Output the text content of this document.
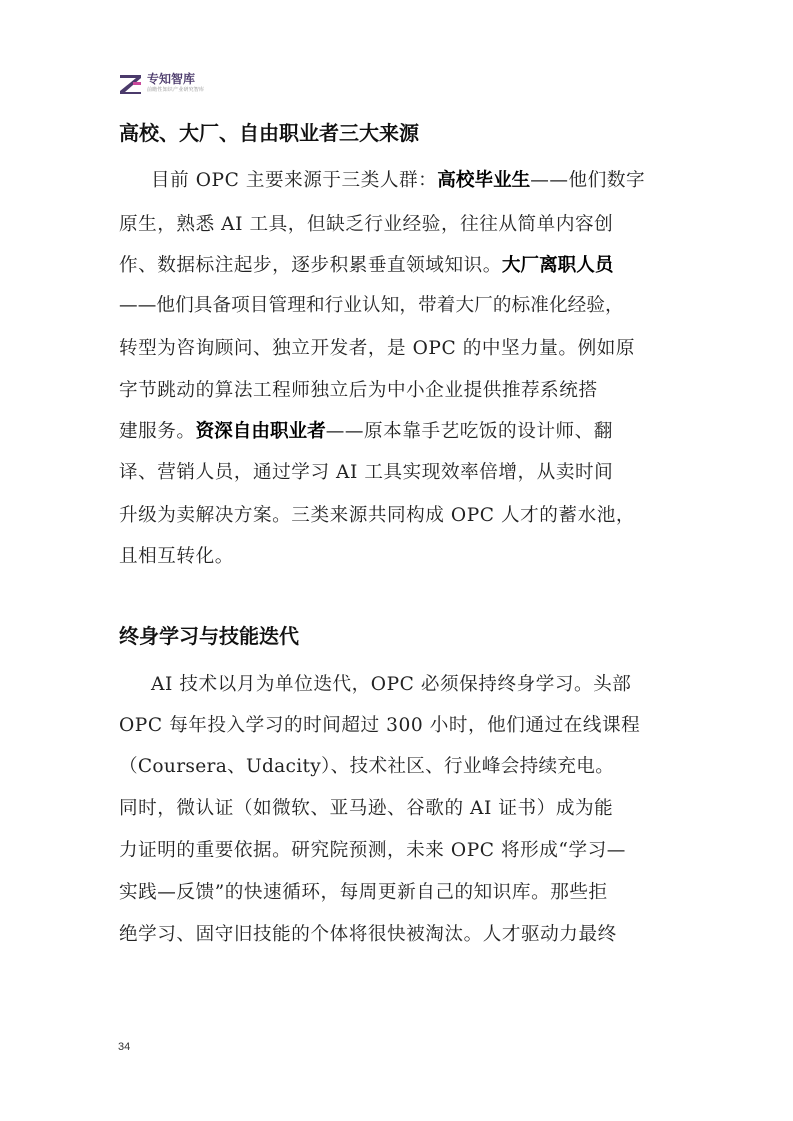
专知智库
前瞻性知识产业研究智库
高校、大厂、自由职业者三大来源

目前 OPC 主要来源于三类人群：高校毕业生——他们数字

原生，熟悉 AI 工具，但缺乏行业经验，往往从简单内容创

作、数据标注起步，逐步积累垂直领域知识。大厂离职人员

——他们具备项目管理和行业认知，带着大厂的标准化经验，

转型为咨询顾问、独立开发者，是 OPC 的中坚力量。例如原

字节跳动的算法工程师独立后为中小企业提供推荐系统搭

建服务。资深自由职业者——原本靠手艺吃饭的设计师、翻

译、营销人员，通过学习 AI 工具实现效率倍增，从卖时间

升级为卖解决方案。三类来源共同构成 OPC 人才的蓄水池，

且相互转化。

终身学习与技能迭代

AI 技术以月为单位迭代，OPC 必须保持终身学习。头部

OPC 每年投入学习的时间超过 300 小时，他们通过在线课程

（Coursera、Udacity）、技术社区、行业峰会持续充电。

同时，微认证（如微软、亚马逊、谷歌的 AI 证书）成为能

力证明的重要依据。研究院预测，未来 OPC 将形成“学习—

实践—反馈”的快速循环，每周更新自己的知识库。那些拒

绝学习、固守旧技能的个体将很快被淘汰。人才驱动力最终

34
